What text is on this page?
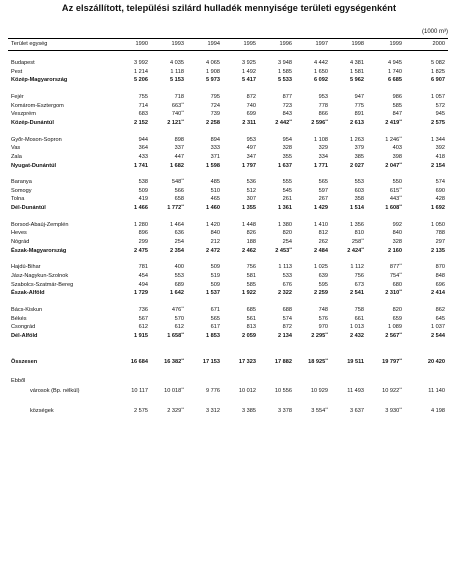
Az elszállított, települési szilárd hulladék mennyisége területi egységenként
(1000 m³)
Terület egység	1990	1993	1994	1995	1996	1997	1998	1999	2000

Budapest	3 992	4 035	4 065	3 925	3 948	4 442	4 381	4 945	5 082
Pest	1 214	1 118	1 908	1 492	1 585	1 650	1 581	1 740	1 825
Közép-Magyarország	5 206	5 153	5 973	5 417	5 533	6 092	5 962	6 685	6 907

Fejér	755	718	795	872	877	953	947	986	1 057
Komárom-Esztergom	714	663**	724	740	723	778	775	585	572
Veszprém	683	740**	739	699	843	866	891	847	945
Közép-Dunántúl	2 152	2 121**	2 258	2 311	2 442**	2 596**	2 613	2 419**	2 575

Győr-Moson-Sopron	944	898	894	953	954	1 108	1 263	1 246**	1 344
Vas	364	337	333	497	328	329	379	403	392
Zala	433	447	371	347	355	334	385	398	418
Nyugat-Dunántúl	1 741	1 682	1 598	1 797	1 637	1 771	2 027	2 047**	2 154

Baranya	538	548**	485	536	555	565	553	550	574
Somogy	509	566	510	512	545	597	603	615**	690
Tolna	419	658	465	307	261	267	358	443**	428
Dél-Dunántúl	1 466	1 772**	1 460	1 355	1 361	1 429	1 514	1 608**	1 692

Borsod-Abaúj-Zemplén	1 280	1 464	1 420	1 448	1 380	1 410	1 356	992	1 050
Heves	896	636	840	826	820	812	810	840	788
Nógrád	299	254	212	188	254	262	258**	328	297
Észak-Magyarország	2 475	2 354	2 472	2 462	2 453**	2 484	2 424**	2 160	2 135

Hajdú-Bihar	781	400	509	756	1 113	1 025	1 112	877**	870
Jász-Nagykun-Szolnok	454	553	519	581	533	639	756	754**	848
Szabolcs-Szatmár-Bereg	494	689	509	585	676	595	673	680	696
Észak-Alföld	1 729	1 642	1 537	1 922	2 322	2 259	2 541	2 310**	2 414

Bács-Kiskun	736	476**	671	685	688	748	758	820	862
Békés	567	570	565	561	574	576	661	659	645
Csongrád	612	612	617	813	872	970	1 013	1 089	1 037
Dél-Alföld	1 915	1 658**	1 853	2 059	2 134	2 295**	2 432	2 567**	2 544

Összesen	16 684	16 382**	17 153	17 323	17 882	18 925**	19 511	19 797**	20 420

Ebből									
városok (Bp. nélkül)	10 117	10 018**	9 776	10 012	10 556	10 929	11 493	10 922**	11 140

községek	2 575	2 329**	3 312	3 385	3 378	3 554**	3 637	3 930**	4 198
